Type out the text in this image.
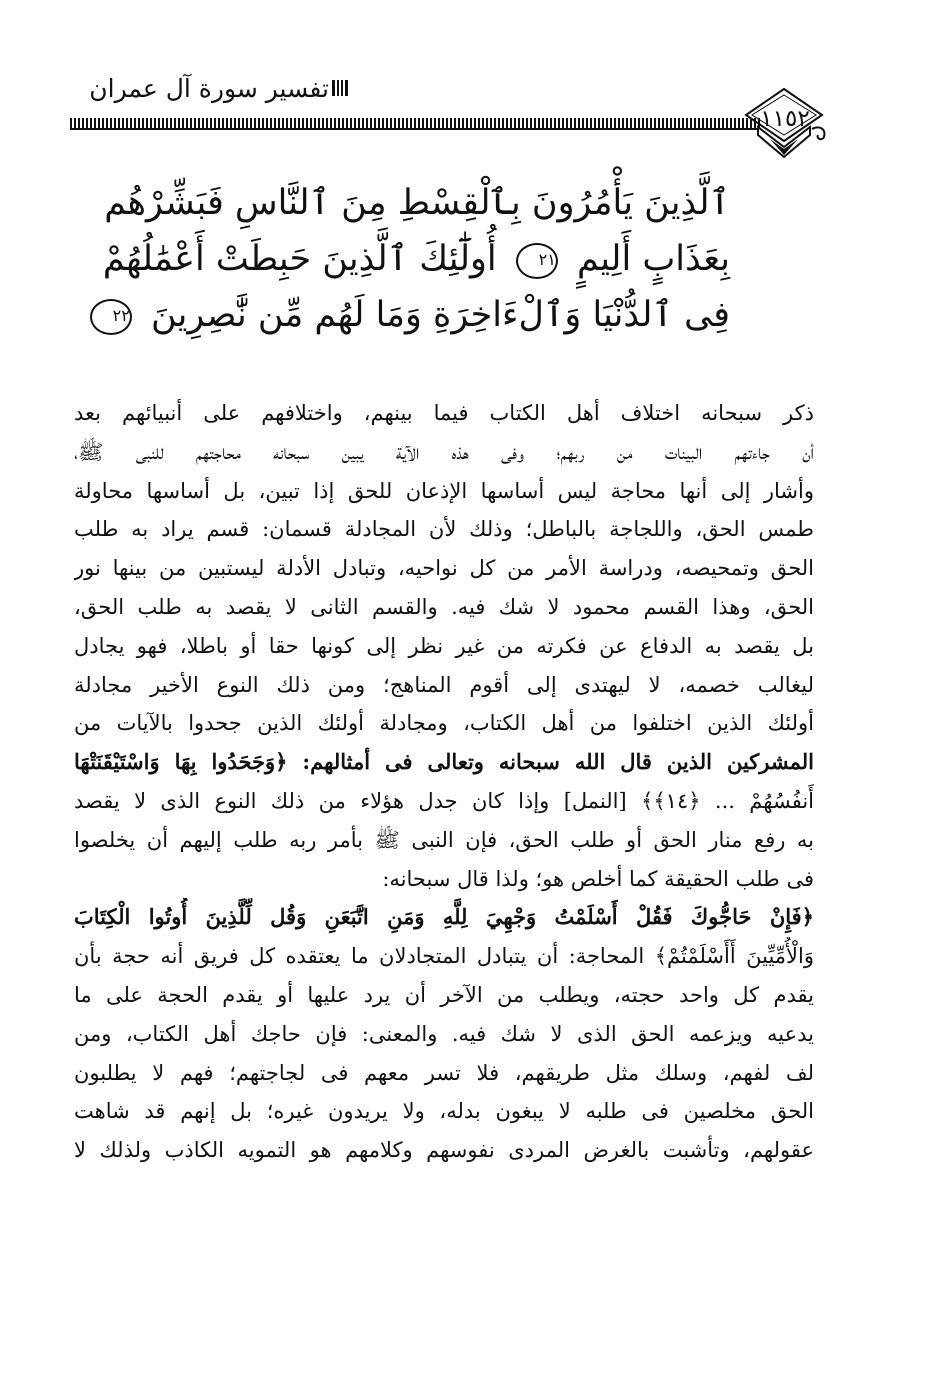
تفسير سورة آل عمران
١١٥٢
ٱلَّذِينَ يَأْمُرُونَ بِٱلْقِسْطِ مِنَ ٱلنَّاسِ فَبَشِّرْهُم
بِعَذَابٍ أَلِيمٍ ٢١ أُولَٰٓئِكَ ٱلَّذِينَ حَبِطَتْ أَعْمَٰلُهُمْ
فِى ٱلدُّنْيَا وَٱلْءَاخِرَةِ وَمَا لَهُم مِّن نَّٰصِرِينَ ٢٢
ذكر سبحانه اختلاف أهل الكتاب فيما بينهم، واختلافهم على أنبيائهم بعد
أن جاءتهم البينات من ربهم؛ وفى هذه الآية يبين سبحانه محاجتهم للنبى ﷺ،
وأشار إلى أنها محاجة ليس أساسها الإذعان للحق إذا تبين، بل أساسها محاولة
طمس الحق، واللجاجة بالباطل؛ وذلك لأن المجادلة قسمان: قسم يراد به طلب
الحق وتمحيصه، ودراسة الأمر من كل نواحيه، وتبادل الأدلة ليستبين من بينها نور
الحق، وهذا القسم محمود لا شك فيه. والقسم الثانى لا يقصد به طلب الحق،
بل يقصد به الدفاع عن فكرته من غير نظر إلى كونها حقا أو باطلا، فهو يجادل
ليغالب خصمه، لا ليهتدى إلى أقوم المناهج؛ ومن ذلك النوع الأخير مجادلة
أولئك الذين اختلفوا من أهل الكتاب، ومجادلة أولئك الذين جحدوا بالآيات من
المشركين الذين قال الله سبحانه وتعالى فى أمثالهم: ﴿وَجَحَدُوا بِهَا وَاسْتَيْقَنَتْهَا
أَنفُسُهُمْ ... ﴿١٤﴾﴾ [النمل] وإذا كان جدل هؤلاء من ذلك النوع الذى لا يقصد
به رفع منار الحق أو طلب الحق، فإن النبى ﷺ بأمر ربه طلب إليهم أن يخلصوا
فى طلب الحقيقة كما أخلص هو؛ ولذا قال سبحانه:
﴿فَإِنْ حَاجُّوكَ فَقُلْ أَسْلَمْتُ وَجْهِيَ لِلَّهِ وَمَنِ اتَّبَعَنِ وَقُل لِّلَّذِينَ أُوتُوا الْكِتَابَ
وَالْأُمِّيِّينَ أَأَسْلَمْتُمْ﴾ المحاجة: أن يتبادل المتجادلان ما يعتقده كل فريق أنه حجة بأن
يقدم كل واحد حجته، ويطلب من الآخر أن يرد عليها أو يقدم الحجة على ما
يدعيه ويزعمه الحق الذى لا شك فيه. والمعنى: فإن حاجك أهل الكتاب، ومن
لف لفهم، وسلك مثل طريقهم، فلا تسر معهم فى لجاجتهم؛ فهم لا يطلبون
الحق مخلصين فى طلبه لا يبغون بدله، ولا يريدون غيره؛ بل إنهم قد شاهت
عقولهم، وتأشبت بالغرض المردى نفوسهم وكلامهم هو التمويه الكاذب ولذلك لا
